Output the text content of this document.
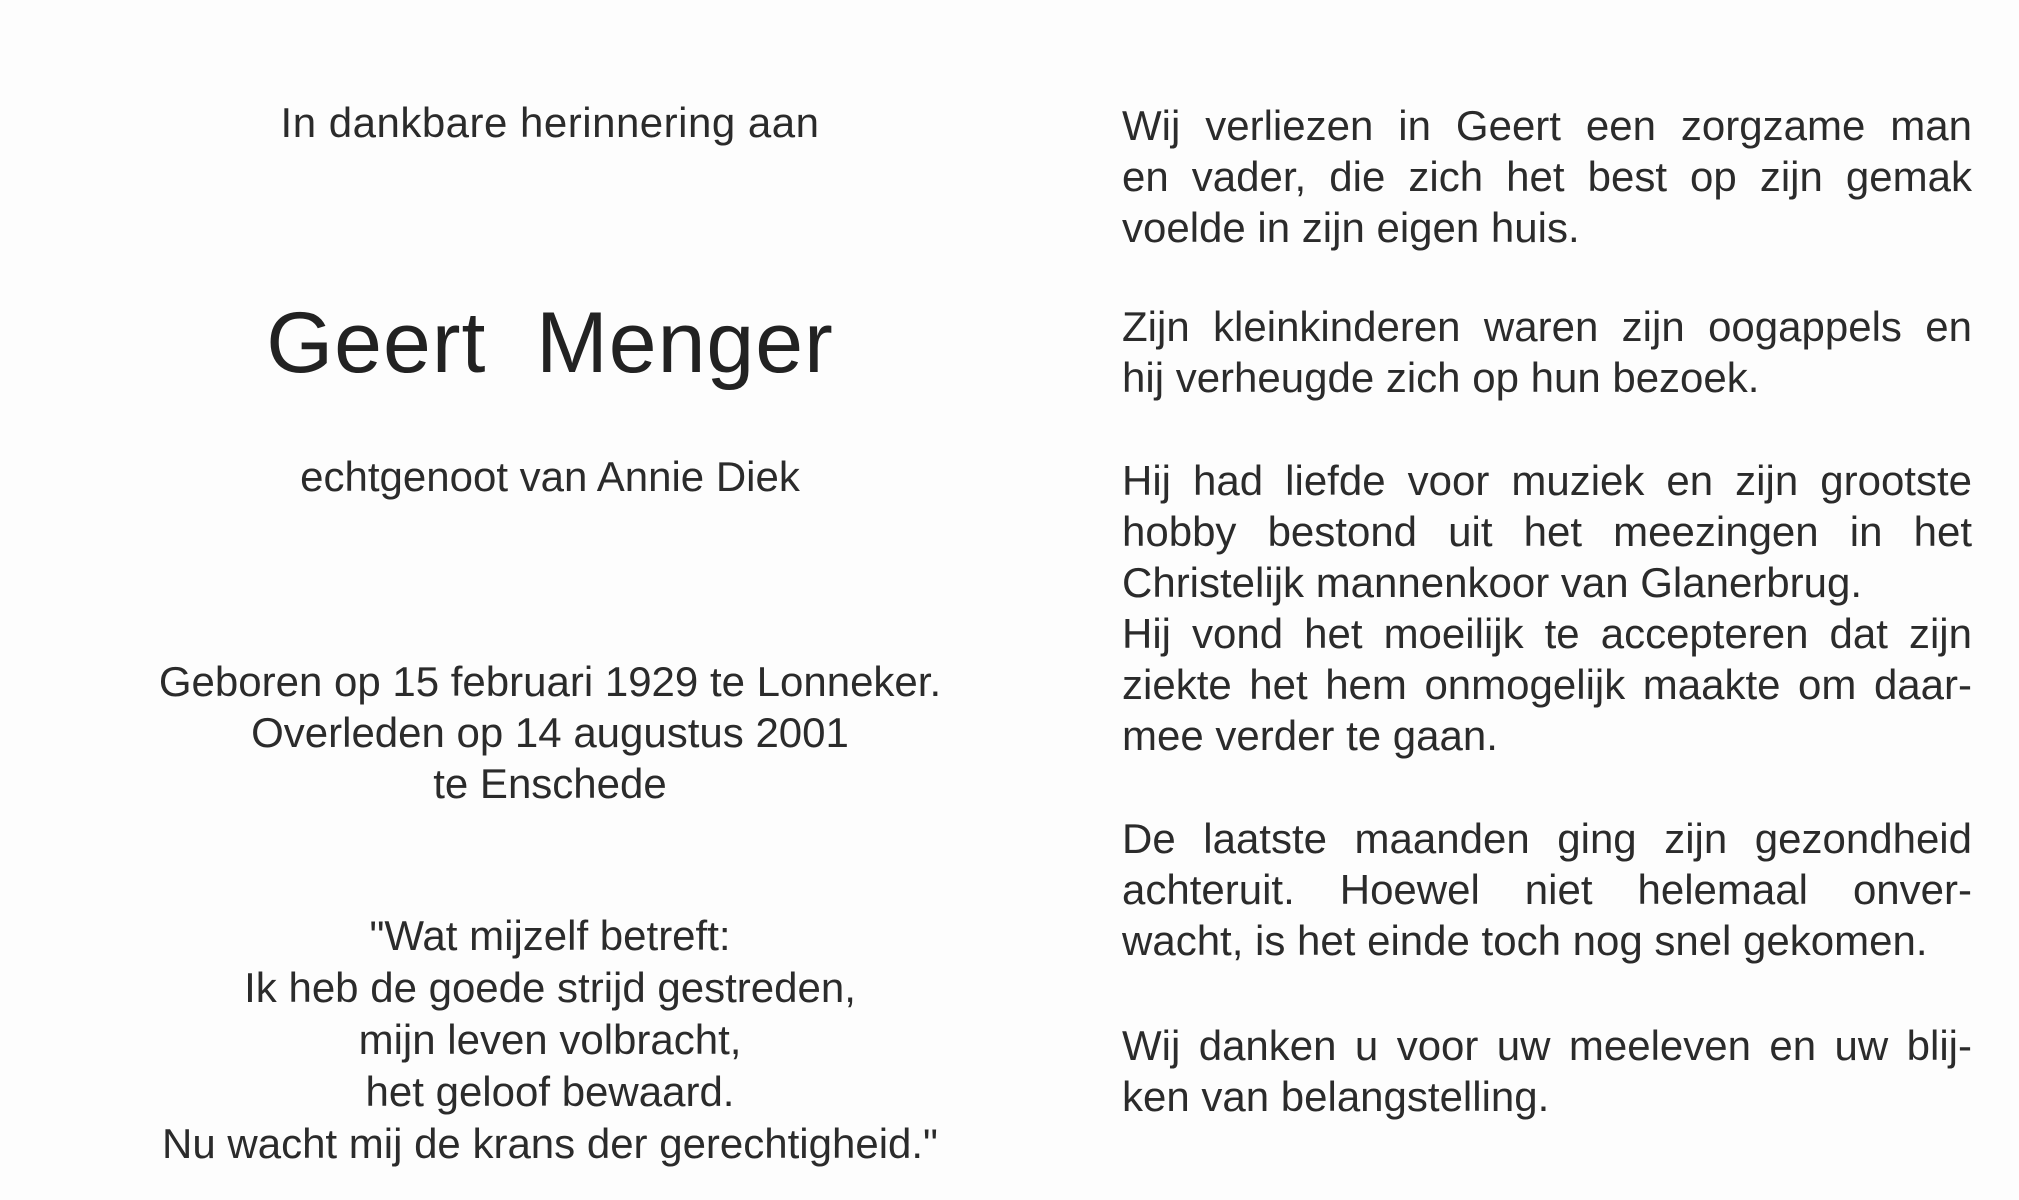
In dankbare herinnering aan
Geert  Menger
echtgenoot van Annie Diek
Geboren op 15 februari 1929 te Lonneker.
Overleden op 14 augustus 2001
te Enschede
"Wat mijzelf betreft:
Ik heb de goede strijd gestreden,
mijn leven volbracht,
het geloof bewaard.
Nu wacht mij de krans der gerechtigheid."
Wij verliezen in Geert een zorgzame man
en vader, die zich het best op zijn gemak
voelde in zijn eigen huis.
Zijn kleinkinderen waren zijn oogappels en
hij verheugde zich op hun bezoek.
Hij had liefde voor muziek en zijn grootste
hobby bestond uit het meezingen in het
Christelijk mannenkoor van Glanerbrug.
Hij vond het moeilijk te accepteren dat zijn
ziekte het hem onmogelijk maakte om daar-
mee verder te gaan.
De laatste maanden ging zijn gezondheid
achteruit. Hoewel niet helemaal onver-
wacht, is het einde toch nog snel gekomen.
Wij danken u voor uw meeleven en uw blij-
ken van belangstelling.
